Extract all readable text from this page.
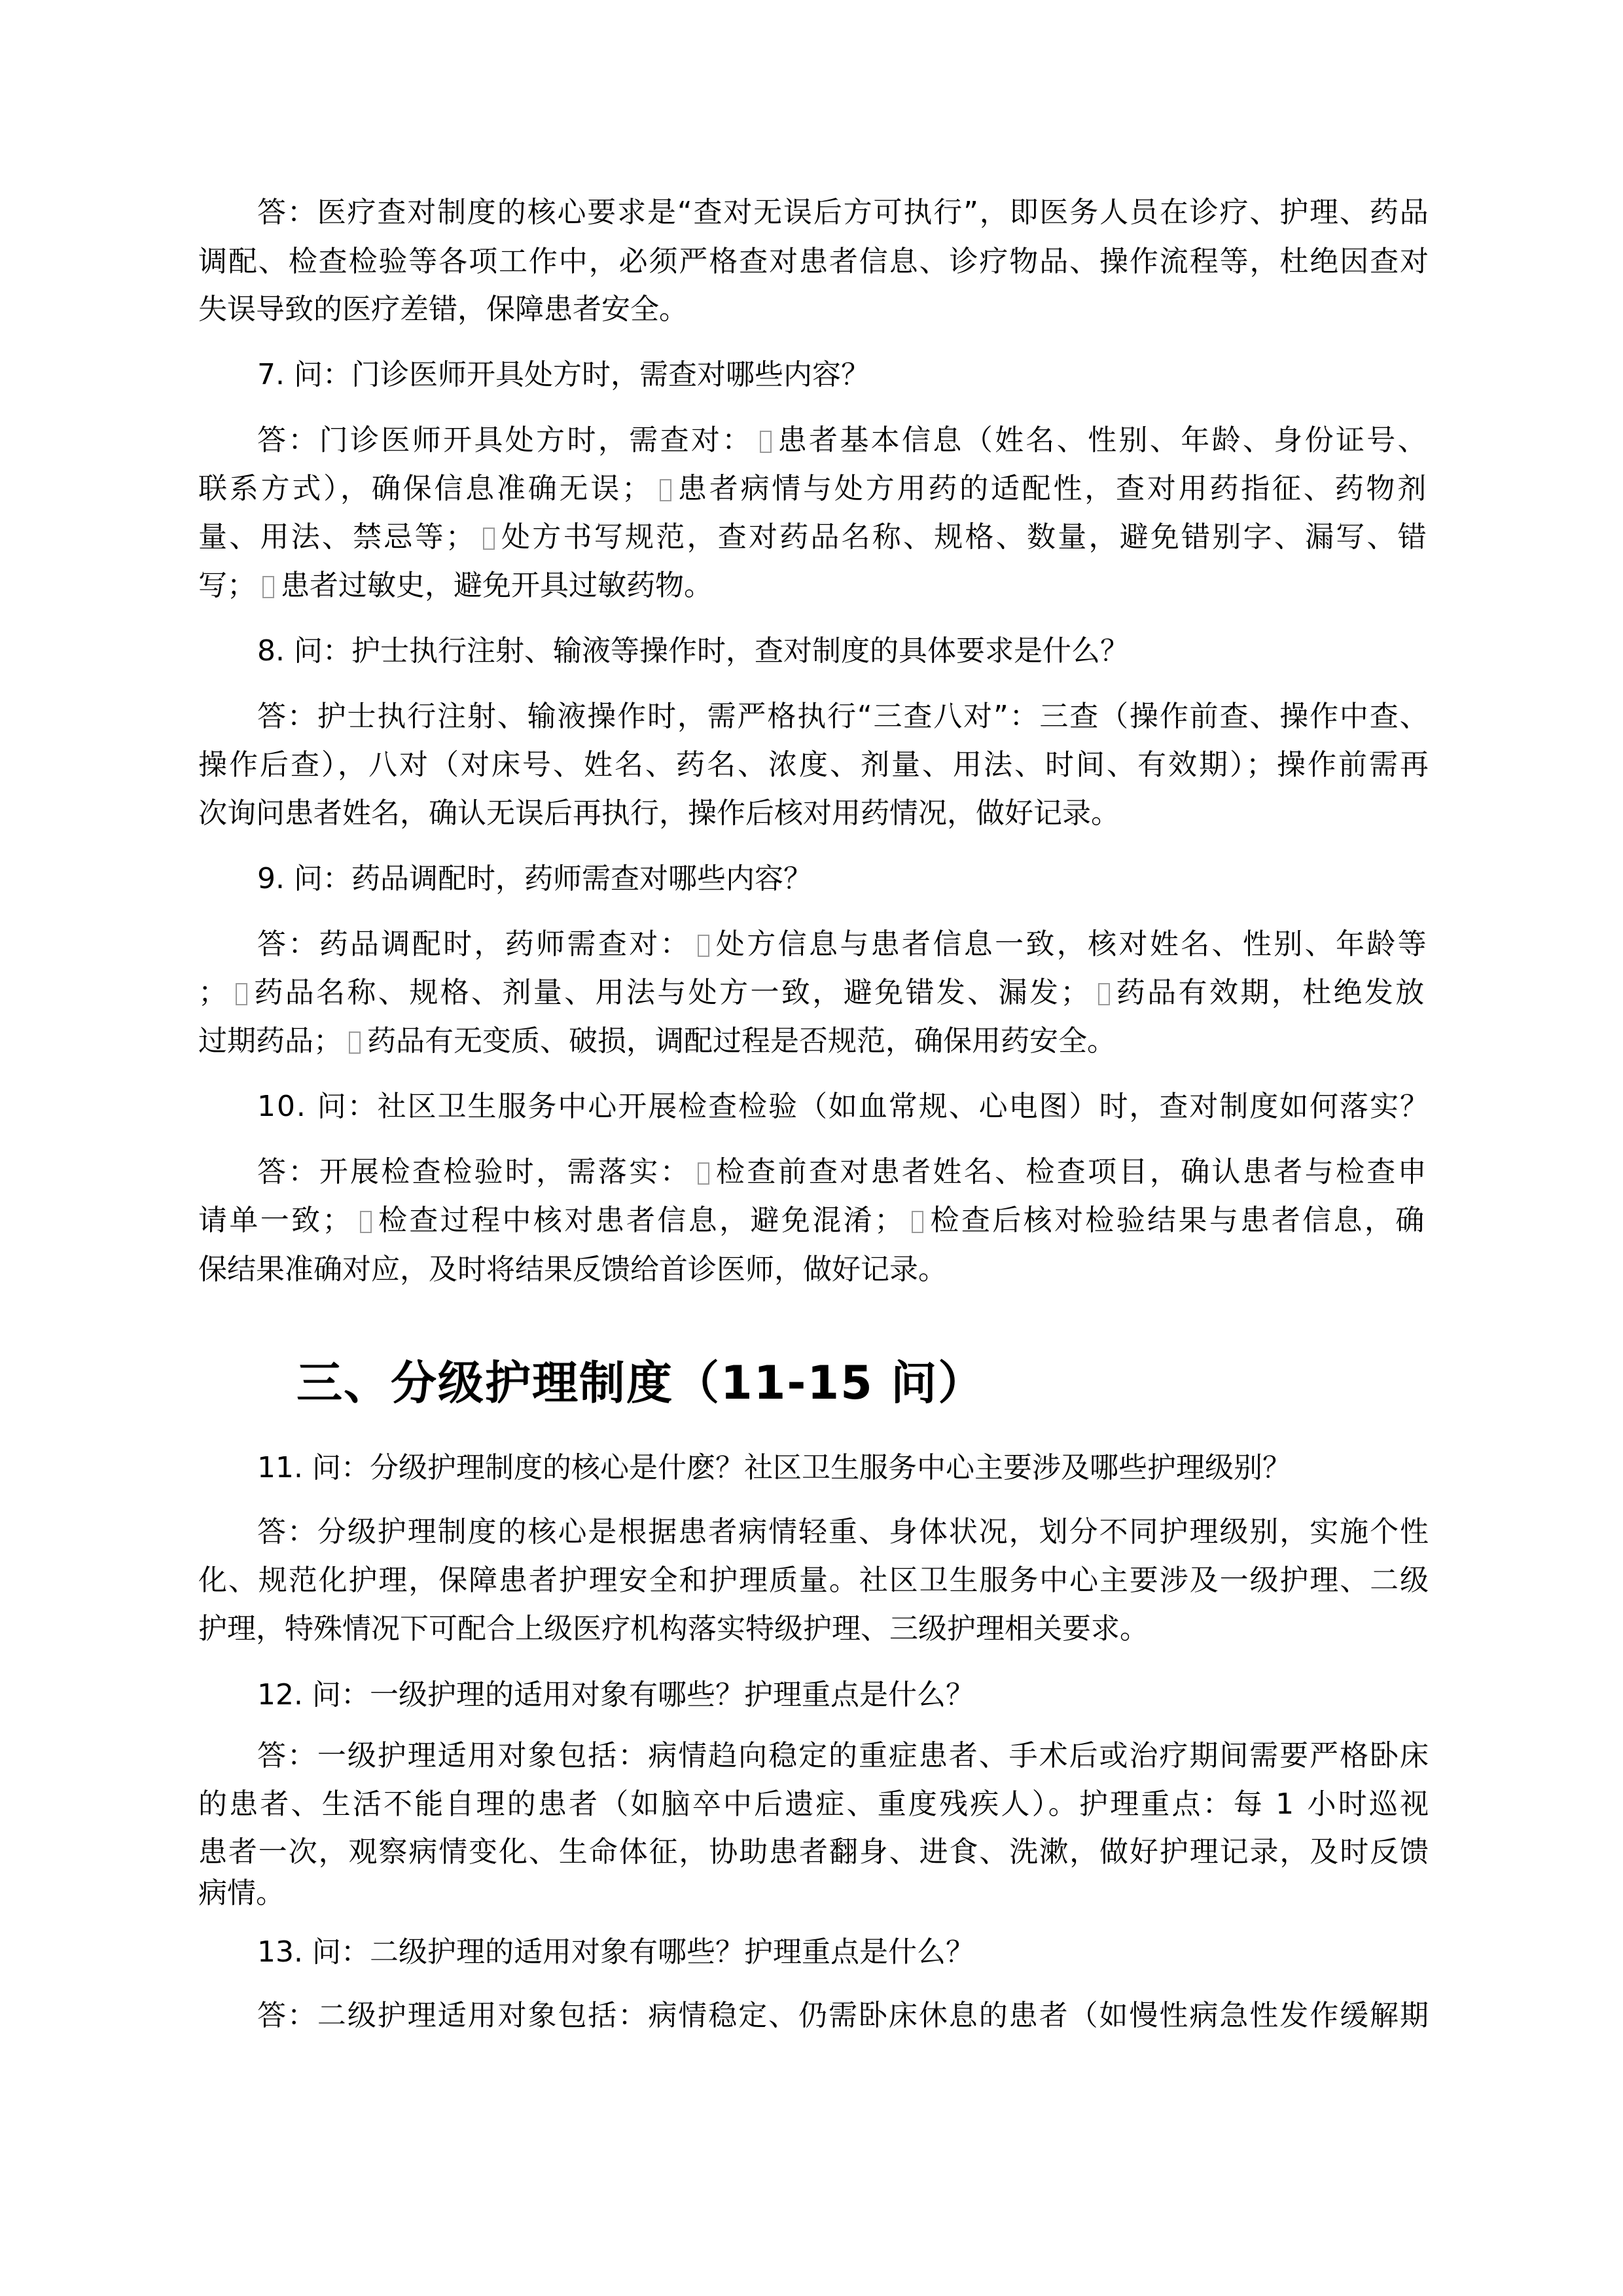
答：医疗查对制度的核心要求是“查对无误后方可执行”，即医务人员在诊疗、护理、药品
调配、检查检验等各项工作中，必须严格查对患者信息、诊疗物品、操作流程等，杜绝因查对
失误导致的医疗差错，保障患者安全。
7. 问：门诊医师开具处方时，需查对哪些内容？
答：门诊医师开具处方时，需查对： 患者基本信息（姓名、性别、年龄、身份证号、
联系方式），确保信息准确无误； 患者病情与处方用药的适配性，查对用药指征、药物剂
量、用法、禁忌等； 处方书写规范，查对药品名称、规格、数量，避免错别字、漏写、错
写； 患者过敏史，避免开具过敏药物。
8. 问：护士执行注射、输液等操作时，查对制度的具体要求是什么？
答：护士执行注射、输液操作时，需严格执行“三查八对”：三查（操作前查、操作中查、
操作后查），八对（对床号、姓名、药名、浓度、剂量、用法、时间、有效期）；操作前需再
次询问患者姓名，确认无误后再执行，操作后核对用药情况，做好记录。
9. 问：药品调配时，药师需查对哪些内容？
答：药品调配时，药师需查对： 处方信息与患者信息一致，核对姓名、性别、年龄等
； 药品名称、规格、剂量、用法与处方一致，避免错发、漏发； 药品有效期，杜绝发放
过期药品； 药品有无变质、破损，调配过程是否规范，确保用药安全。
10. 问：社区卫生服务中心开展检查检验（如血常规、心电图）时，查对制度如何落实？
答：开展检查检验时，需落实： 检查前查对患者姓名、检查项目，确认患者与检查申
请单一致； 检查过程中核对患者信息，避免混淆； 检查后核对检验结果与患者信息，确
保结果准确对应，及时将结果反馈给首诊医师，做好记录。
三、分级护理制度（11-15 问）
11. 问：分级护理制度的核心是什麽？社区卫生服务中心主要涉及哪些护理级别？
答：分级护理制度的核心是根据患者病情轻重、身体状况，划分不同护理级别，实施个性
化、规范化护理，保障患者护理安全和护理质量。社区卫生服务中心主要涉及一级护理、二级
护理，特殊情况下可配合上级医疗机构落实特级护理、三级护理相关要求。
12. 问：一级护理的适用对象有哪些？护理重点是什么？
答：一级护理适用对象包括：病情趋向稳定的重症患者、手术后或治疗期间需要严格卧床
的患者、生活不能自理的患者（如脑卒中后遗症、重度残疾人）。护理重点：每 1 小时巡视
患者一次，观察病情变化、生命体征，协助患者翻身、进食、洗漱，做好护理记录，及时反馈
病情。
13. 问：二级护理的适用对象有哪些？护理重点是什么？
答：二级护理适用对象包括：病情稳定、仍需卧床休息的患者（如慢性病急性发作缓解期
